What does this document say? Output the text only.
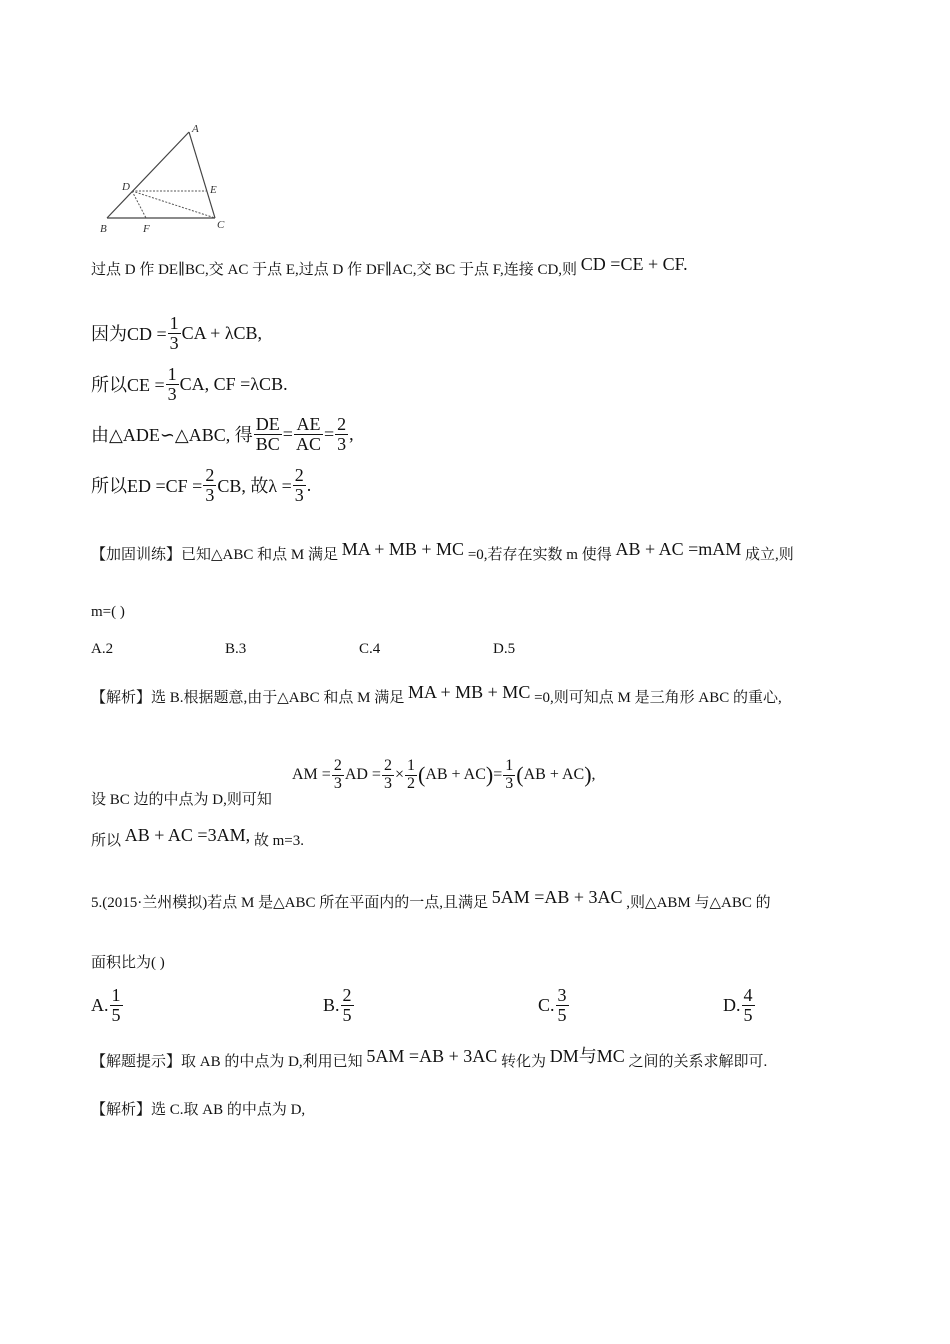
A
B	C
D	E
F
过点 D 作 DE∥BC,交 AC 于点 E,过点 D 作 DF∥AC,交 BC 于点 F,连接 CD,则 CD =CE + CF.
因为CD = $\frac{1}{3}$ CA + λCB,
所以CE = $\frac{1}{3}$ CA, CF =λCB.
由△ADE∽△ABC, 得 $\frac{DE}{BC} = \frac{AE}{AC} = \frac{2}{3}$ ,
所以ED $=CF = \frac{2}{3}$ CB, 故$\lambda = \frac{2}{3}$ .
【加固训练】已知△ABC 和点 M 满足 MA + MB + MC =0,若存在实数 m 使得 AB + AC =mAM 成立,则
m=( )
A.2	B.3	C.4	D.5
【解析】选 B.根据题意,由于△ABC 和点 M 满足 MA + MB + MC =0,则可知点 M 是三角形 ABC 的重心,
设 BC 边的中点为 D,则可知
AM = $\frac{2}{3}$ AD = $\frac{2}{3} \times \frac{1}{2}$ ( AB + AC ) = $\frac{1}{3}$ ( AB + AC ) ,
所以 AB + AC =3AM, 故 m=3.
5.(2015·兰州模拟)若点 M 是△ABC 所在平面内的一点,且满足 5AM =AB + 3AC ,则△ABM 与△ABC 的
面积比为( )
A. $\frac{1}{5}$	B. $\frac{2}{5}$	C. $\frac{3}{5}$	D. $\frac{4}{5}$
【解题提示】取 AB 的中点为 D,利用已知 5AM =AB + 3AC 转化为 DM与MC 之间的关系求解即可.
【解析】选 C.取 AB 的中点为 D,
